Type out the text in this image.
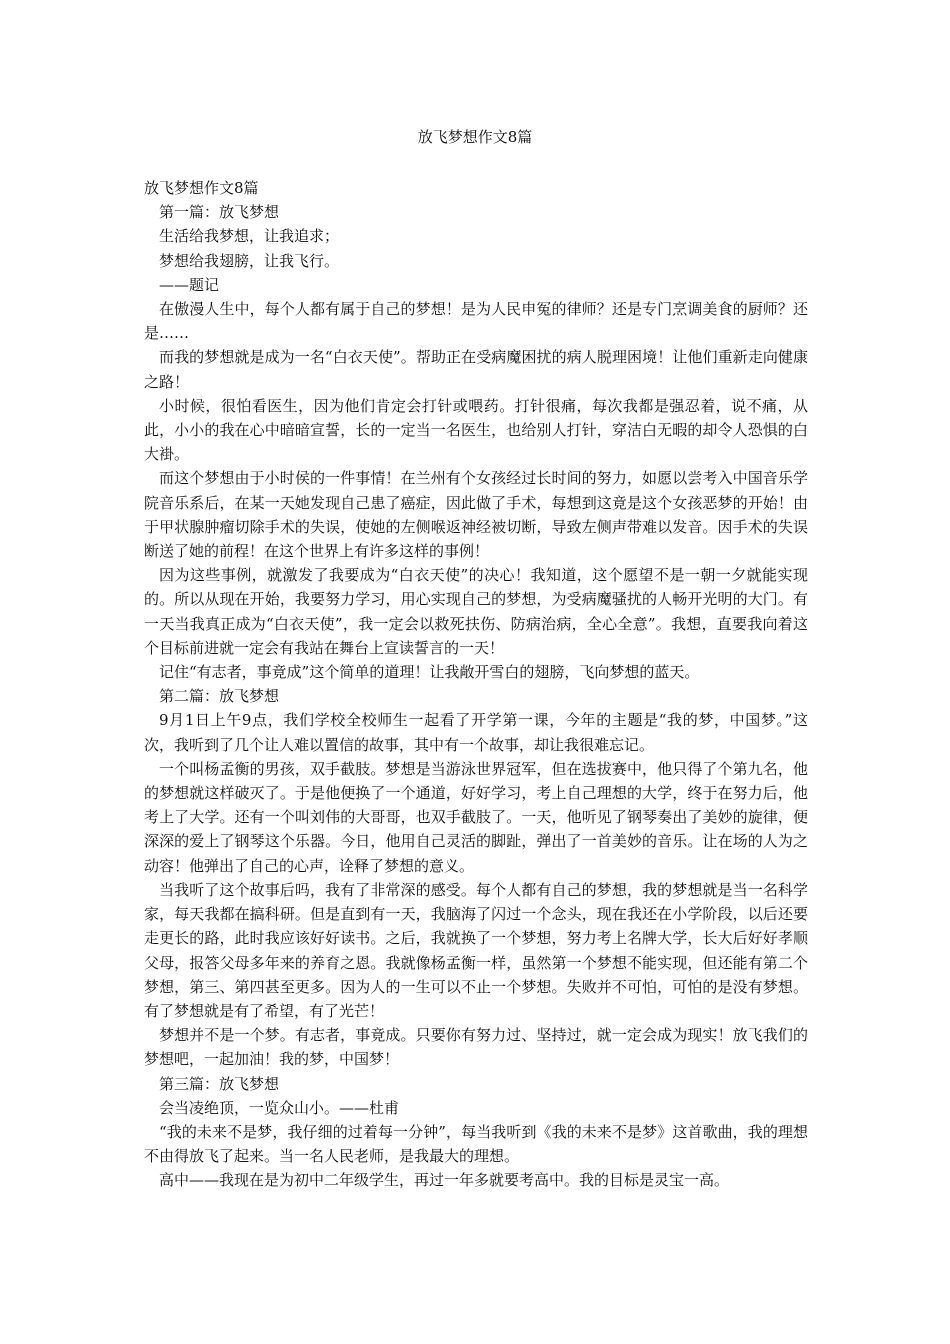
放飞梦想作文8篇

放飞梦想作文8篇

第一篇：放飞梦想

生活给我梦想，让我追求；

梦想给我翅膀，让我飞行。

——题记

在傲漫人生中，每个人都有属于自己的梦想！是为人民申冤的律师？还是专门烹调美食的厨师？还是……

而我的梦想就是成为一名“白衣天使”。帮助正在受病魔困扰的病人脱理困境！让他们重新走向健康之路！

小时候，很怕看医生，因为他们肯定会打针或喂药。打针很痛，每次我都是强忍着，说不痛，从此，小小的我在心中暗暗宣誓，长的一定当一名医生，也给别人打针，穿洁白无暇的却令人恐惧的白大褂。

而这个梦想由于小时侯的一件事情！在兰州有个女孩经过长时间的努力，如愿以尝考入中国音乐学院音乐系后，在某一天她发现自己患了癌症，因此做了手术，每想到这竟是这个女孩恶梦的开始！由于甲状腺肿瘤切除手术的失误，使她的左侧喉返神经被切断，导致左侧声带难以发音。因手术的失误断送了她的前程！在这个世界上有许多这样的事例！

因为这些事例，就激发了我要成为“白衣天使”的决心！我知道，这个愿望不是一朝一夕就能实现的。所以从现在开始，我要努力学习，用心实现自己的梦想，为受病魔骚扰的人畅开光明的大门。有一天当我真正成为“白衣天使”，我一定会以救死扶伤、防病治病，全心全意”。我想，直要我向着这个目标前进就一定会有我站在舞台上宣读誓言的一天！

记住“有志者，事竟成”这个简单的道理！让我敞开雪白的翅膀，飞向梦想的蓝天。

第二篇：放飞梦想

9月1日上午9点，我们学校全校师生一起看了开学第一课，今年的主题是“我的梦，中国梦。”这次，我听到了几个让人难以置信的故事，其中有一个故事，却让我很难忘记。

一个叫杨孟衡的男孩，双手截肢。梦想是当游泳世界冠军，但在选拔赛中，他只得了个第九名，他的梦想就这样破灭了。于是他便换了一个通道，好好学习，考上自己理想的大学，终于在努力后，他考上了大学。还有一个叫刘伟的大哥哥，也双手截肢了。一天，他听见了钢琴奏出了美妙的旋律，便深深的爱上了钢琴这个乐器。今日，他用自己灵活的脚趾，弹出了一首美妙的音乐。让在场的人为之动容！他弹出了自己的心声，诠释了梦想的意义。

当我听了这个故事后吗，我有了非常深的感受。每个人都有自己的梦想，我的梦想就是当一名科学家，每天我都在搞科研。但是直到有一天，我脑海了闪过一个念头，现在我还在小学阶段，以后还要走更长的路，此时我应该好好读书。之后，我就换了一个梦想，努力考上名牌大学，长大后好好孝顺父母，报答父母多年来的养育之恩。我就像杨孟衡一样，虽然第一个梦想不能实现，但还能有第二个梦想，第三、第四甚至更多。因为人的一生可以不止一个梦想。失败并不可怕，可怕的是没有梦想。有了梦想就是有了希望，有了光芒！

梦想并不是一个梦。有志者，事竟成。只要你有努力过、坚持过，就一定会成为现实！放飞我们的梦想吧，一起加油！我的梦，中国梦！

第三篇：放飞梦想

会当凌绝顶，一览众山小。——杜甫

“我的未来不是梦，我仔细的过着每一分钟”，每当我听到《我的未来不是梦》这首歌曲，我的理想不由得放飞了起来。当一名人民老师，是我最大的理想。

高中——我现在是为初中二年级学生，再过一年多就要考高中。我的目标是灵宝一高。
